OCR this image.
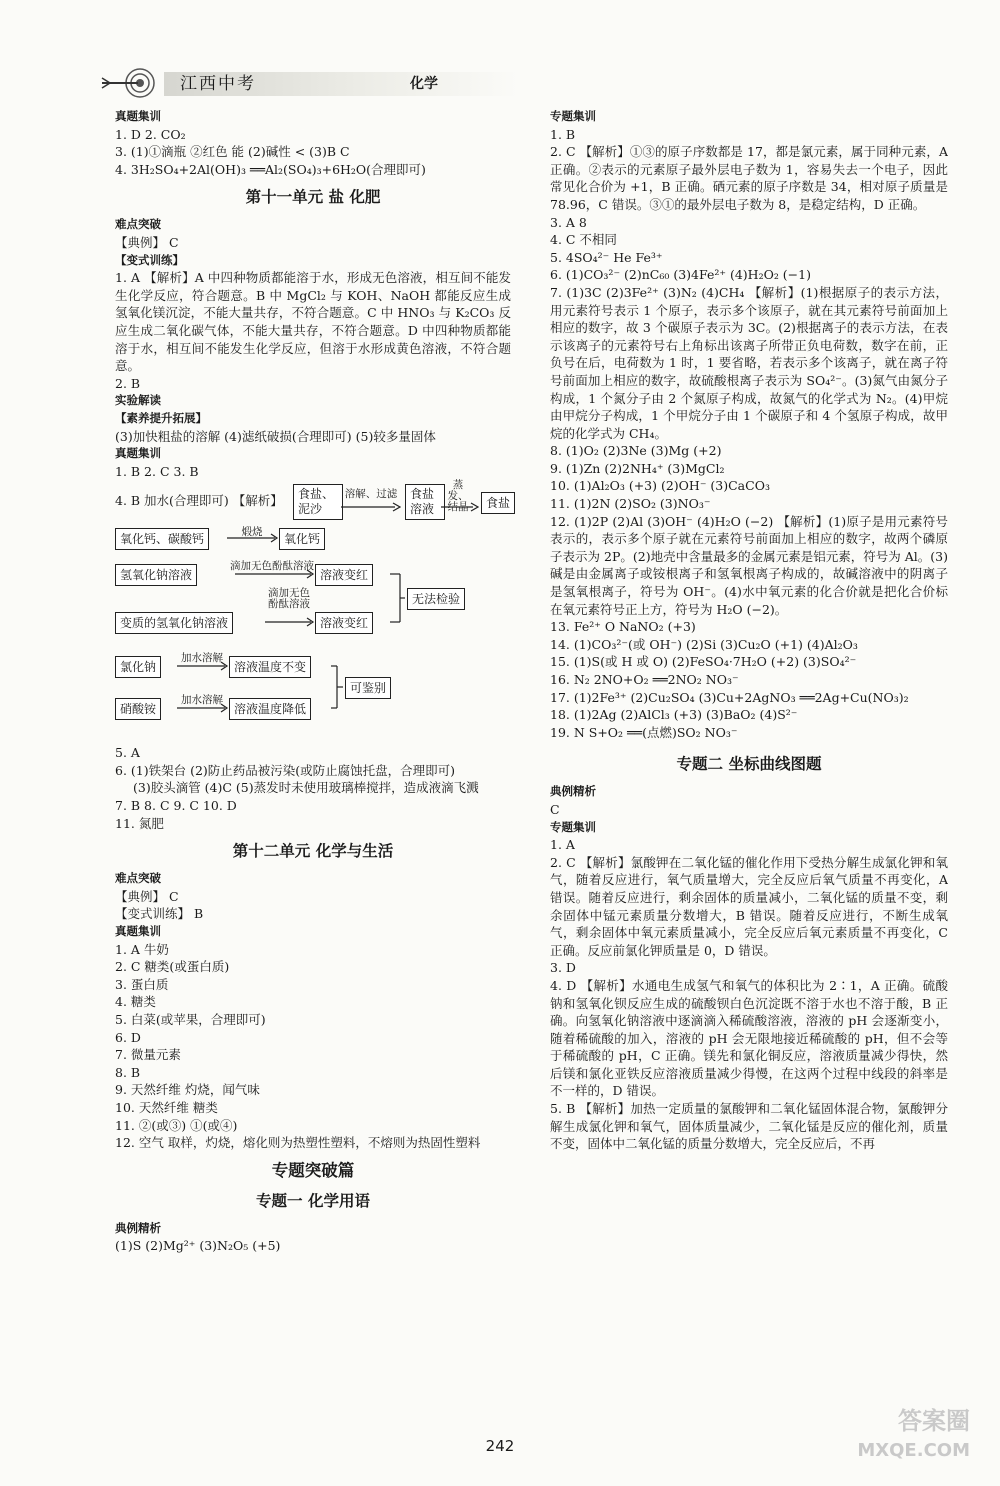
江西中考	化学
真题集训
1. D 2. CO₂
3. (1)①滴瓶 ②红色 能 (2)碱性 < (3)B C
4. 3H₂SO₄+2Al(OH)₃ ══Al₂(SO₄)₃+6H₂O(合理即可)
第十一单元 盐 化肥
难点突破
【典例】 C
【变式训练】
1. A 【解析】A 中四种物质都能溶于水，形成无色溶液，相互间不能发生化学反应，符合题意。B 中 MgCl₂ 与 KOH、NaOH 都能反应生成氢氧化镁沉淀，不能大量共存，不符合题意。C 中 HNO₃ 与 K₂CO₃ 反应生成二氧化碳气体，不能大量共存，不符合题意。D 中四种物质都能溶于水，相互间不能发生化学反应，但溶于水形成黄色溶液，不符合题意。
2. B
实验解读
【素养提升拓展】
(3)加快粗盐的溶解 (4)滤纸破损(合理即可) (5)较多量固体
真题集训
1. B 2. C 3. B
4. B 加水(合理即可) 【解析】	食盐、泥沙
溶解、过滤	食盐溶液
蒸发、结晶	食盐
氧化钙、碳酸钙	煅烧	氧化钙
氢氧化钠溶液
滴加无色酚酞溶液
溶液变红
变质的氢氧化钠溶液
滴加无色酚酞溶液
溶液变红
无法检验
氯化钠
加水溶解
溶液温度不变
硝酸铵
加水溶解
溶液温度降低
可鉴别
5. A
6. (1)铁架台 (2)防止药品被污染(或防止腐蚀托盘，合理即可)
(3)胶头滴管 (4)C (5)蒸发时未使用玻璃棒搅拌，造成液滴飞溅
7. B 8. C 9. C 10. D
11. 氮肥
第十二单元 化学与生活
难点突破
【典例】 C
【变式训练】 B
真题集训
1. A 牛奶
2. C 糖类(或蛋白质)
3. 蛋白质
4. 糖类
5. 白菜(或苹果，合理即可)
6. D
7. 微量元素
8. B
9. 天然纤维 灼烧，闻气味
10. 天然纤维 糖类
11. ②(或③) ①(或④)
12. 空气 取样，灼烧，熔化则为热塑性塑料，不熔则为热固性塑料
专题突破篇
专题一 化学用语
典例精析
(1)S (2)Mg²⁺ (3)N₂O₅ (+5)
专题集训
1. B
2. C 【解析】①③的原子序数都是 17，都是氯元素，属于同种元素，A 正确。②表示的元素原子最外层电子数为 1，容易失去一个电子，因此常见化合价为 +1，B 正确。硒元素的原子序数是 34，相对原子质量是 78.96，C 错误。③①的最外层电子数为 8，是稳定结构，D 正确。
3. A 8
4. C 不相同
5. 4SO₄²⁻ He Fe³⁺
6. (1)CO₃²⁻ (2)nC₆₀ (3)4Fe²⁺ (4)H₂O₂ (−1)
7. (1)3C (2)3Fe²⁺ (3)N₂ (4)CH₄ 【解析】(1)根据原子的表示方法，用元素符号表示 1 个原子，表示多个该原子，就在其元素符号前面加上相应的数字，故 3 个碳原子表示为 3C。(2)根据离子的表示方法，在表示该离子的元素符号右上角标出该离子所带正负电荷数，数字在前，正负号在后，电荷数为 1 时，1 要省略，若表示多个该离子，就在离子符号前面加上相应的数字，故硫酸根离子表示为 SO₄²⁻。(3)氮气由氮分子构成，1 个氮分子由 2 个氮原子构成，故氮气的化学式为 N₂。(4)甲烷由甲烷分子构成，1 个甲烷分子由 1 个碳原子和 4 个氢原子构成，故甲烷的化学式为 CH₄。
8. (1)O₂ (2)3Ne (3)Mg (+2)
9. (1)Zn (2)2NH₄⁺ (3)MgCl₂
10. (1)Al₂O₃ (+3) (2)OH⁻ (3)CaCO₃
11. (1)2N (2)SO₂ (3)NO₃⁻
12. (1)2P (2)Al (3)OH⁻ (4)H₂O (−2) 【解析】(1)原子是用元素符号表示的，表示多个原子就在元素符号前面加上相应的数字，故两个磷原子表示为 2P。(2)地壳中含量最多的金属元素是铝元素，符号为 Al。(3)碱是由金属离子或铵根离子和氢氧根离子构成的，故碱溶液中的阴离子是氢氧根离子，符号为 OH⁻。(4)水中氧元素的化合价就是把化合价标在氧元素符号正上方，符号为 H₂O (−2)。
13. Fe²⁺ O NaNO₂ (+3)
14. (1)CO₃²⁻(或 OH⁻) (2)Si (3)Cu₂O (+1) (4)Al₂O₃
15. (1)S(或 H 或 O) (2)FeSO₄·7H₂O (+2) (3)SO₄²⁻
16. N₂ 2NO+O₂ ══2NO₂ NO₃⁻
17. (1)2Fe³⁺ (2)Cu₂SO₄ (3)Cu+2AgNO₃ ══2Ag+Cu(NO₃)₂
18. (1)2Ag (2)AlCl₃ (+3) (3)BaO₂ (4)S²⁻
19. N S+O₂ ══(点燃)SO₂ NO₃⁻
专题二 坐标曲线图题
典例精析
C
专题集训
1. A
2. C 【解析】氯酸钾在二氧化锰的催化作用下受热分解生成氯化钾和氧气，随着反应进行，氧气质量增大，完全反应后氧气质量不再变化，A 错误。随着反应进行，剩余固体的质量减小，二氧化锰的质量不变，剩余固体中锰元素质量分数增大，B 错误。随着反应进行，不断生成氧气，剩余固体中氧元素质量减小，完全反应后氧元素质量不再变化，C 正确。反应前氯化钾质量是 0，D 错误。
3. D
4. D 【解析】水通电生成氢气和氧气的体积比为 2∶1，A 正确。硫酸钠和氢氧化钡反应生成的硫酸钡白色沉淀既不溶于水也不溶于酸，B 正确。向氢氧化钠溶液中逐滴滴入稀硫酸溶液，溶液的 pH 会逐渐变小，随着稀硫酸的加入，溶液的 pH 会无限地接近稀硫酸的 pH，但不会等于稀硫酸的 pH，C 正确。镁先和氯化铜反应，溶液质量减少得快，然后镁和氯化亚铁反应溶液质量减少得慢，在这两个过程中线段的斜率是不一样的，D 错误。
5. B 【解析】加热一定质量的氯酸钾和二氧化锰固体混合物，氯酸钾分解生成氯化钾和氧气，固体质量减少，二氧化锰是反应的催化剂，质量不变，固体中二氧化锰的质量分数增大，完全反应后，不再
242
答案圈
MXQE.COM
